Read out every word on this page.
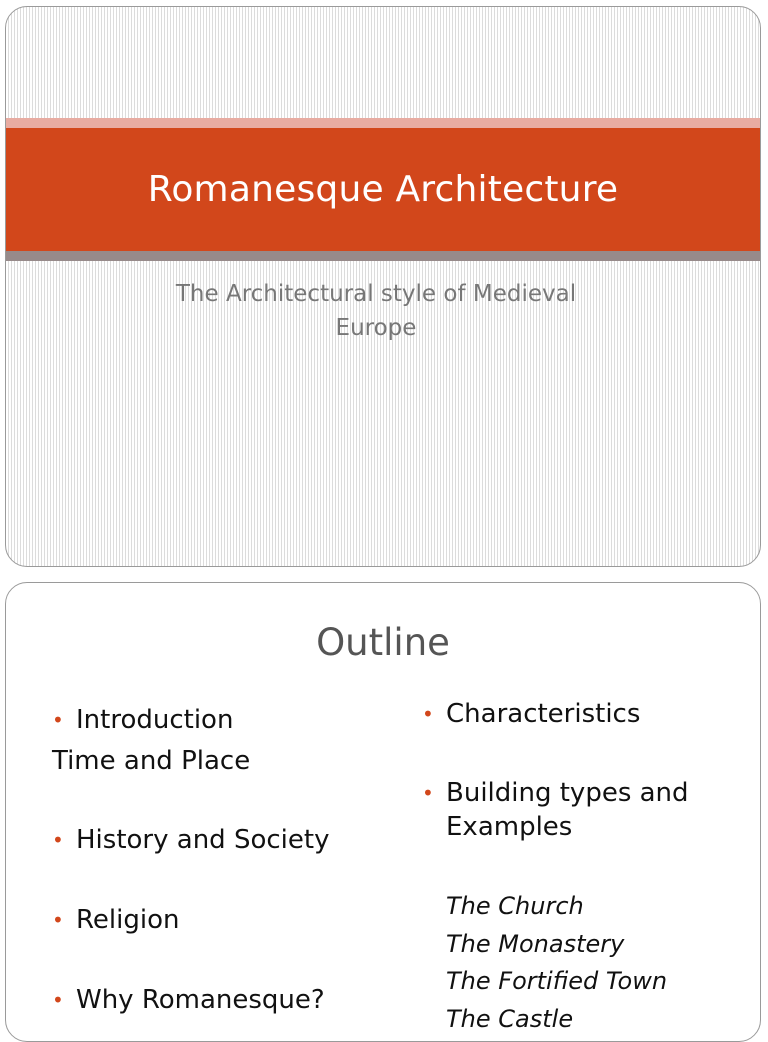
Romanesque Architecture
The Architectural style of Medieval
Europe
Outline
• Introduction
Time and Place
• History and Society
• Religion
• Why Romanesque?
• Characteristics
• Building types and
Examples
The Church
The Monastery
The Fortified Town
The Castle
